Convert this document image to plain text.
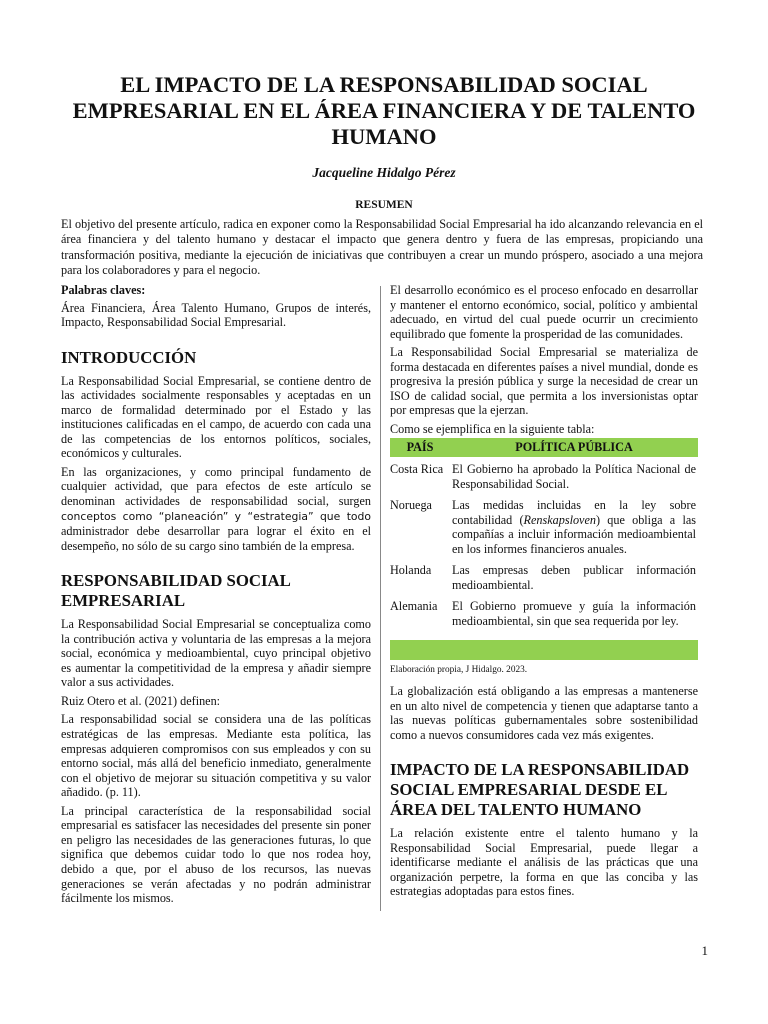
EL IMPACTO DE LA RESPONSABILIDAD SOCIAL
EMPRESARIAL EN EL ÁREA FINANCIERA Y DE TALENTO
HUMANO

Jacqueline Hidalgo Pérez

RESUMEN

El objetivo del presente artículo, radica en exponer como la Responsabilidad Social Empresarial ha ido alcanzando relevancia en el área financiera y del talento humano y destacar el impacto que genera dentro y fuera de las empresas, propiciando una transformación positiva, mediante la ejecución de iniciativas que contribuyen a crear un mundo próspero, asociado a una mejora para los colaboradores y para el negocio.

Palabras claves:

Área Financiera, Área Talento Humano, Grupos de interés, Impacto, Responsabilidad Social Empresarial.

INTRODUCCIÓN

La Responsabilidad Social Empresarial, se contiene dentro de las actividades socialmente responsables y aceptadas en un marco de formalidad determinado por el Estado y las instituciones calificadas en el campo, de acuerdo con cada una de las competencias de los entornos políticos, sociales, económicos y culturales.

En las organizaciones, y como principal fundamento de cualquier actividad, que para efectos de este artículo se denominan actividades de responsabilidad social, surgen conceptos como “planeación” y “estrategia” que todo administrador debe desarrollar para lograr el éxito en el desempeño, no sólo de su cargo sino también de la empresa.

RESPONSABILIDAD SOCIAL EMPRESARIAL

La Responsabilidad Social Empresarial se conceptualiza como la contribución activa y voluntaria de las empresas a la mejora social, económica y medioambiental, cuyo principal objetivo es aumentar la competitividad de la empresa y añadir siempre valor a sus actividades.

Ruiz Otero et al. (2021) definen:

La responsabilidad social se considera una de las políticas estratégicas de las empresas. Mediante esta política, las empresas adquieren compromisos con sus empleados y con su entorno social, más allá del beneficio inmediato, generalmente con el objetivo de mejorar su situación competitiva y su valor añadido. (p. 11).

La principal característica de la responsabilidad social empresarial es satisfacer las necesidades del presente sin poner en peligro las necesidades de las generaciones futuras, lo que significa que debemos cuidar todo lo que nos rodea hoy, debido a que, por el abuso de los recursos, las nuevas generaciones se verán afectadas y no podrán administrar fácilmente los mismos.

El desarrollo económico es el proceso enfocado en desarrollar y mantener el entorno económico, social, político y ambiental adecuado, en virtud del cual puede ocurrir un crecimiento equilibrado que fomente la prosperidad de las comunidades.

La Responsabilidad Social Empresarial se materializa de forma destacada en diferentes países a nivel mundial, donde es progresiva la presión pública y surge la necesidad de crear un ISO de calidad social, que permita a los inversionistas optar por empresas que la ejerzan.

Como se ejemplifica en la siguiente tabla:

PAÍS	POLÍTICA PÚBLICA

Costa Rica	El Gobierno ha aprobado la Política Nacional de Responsabilidad Social.
Noruega	Las medidas incluidas en la ley sobre contabilidad (Renskapsloven) que obliga a las compañías a incluir información medioambiental en los informes financieros anuales.
Holanda	Las empresas deben publicar información medioambiental.
Alemania	El Gobierno promueve y guía la información medioambiental, sin que sea requerida por ley.

Elaboración propia, J Hidalgo. 2023.

La globalización está obligando a las empresas a mantenerse en un alto nivel de competencia y tienen que adaptarse tanto a las nuevas políticas gubernamentales sobre sostenibilidad como a nuevos consumidores cada vez más exigentes.

IMPACTO DE LA RESPONSABILIDAD SOCIAL EMPRESARIAL DESDE EL ÁREA DEL TALENTO HUMANO

La relación existente entre el talento humano y la Responsabilidad Social Empresarial, puede llegar a identificarse mediante el análisis de las prácticas que una organización perpetre, la forma en que las conciba y las estrategias adoptadas para estos fines.

1
